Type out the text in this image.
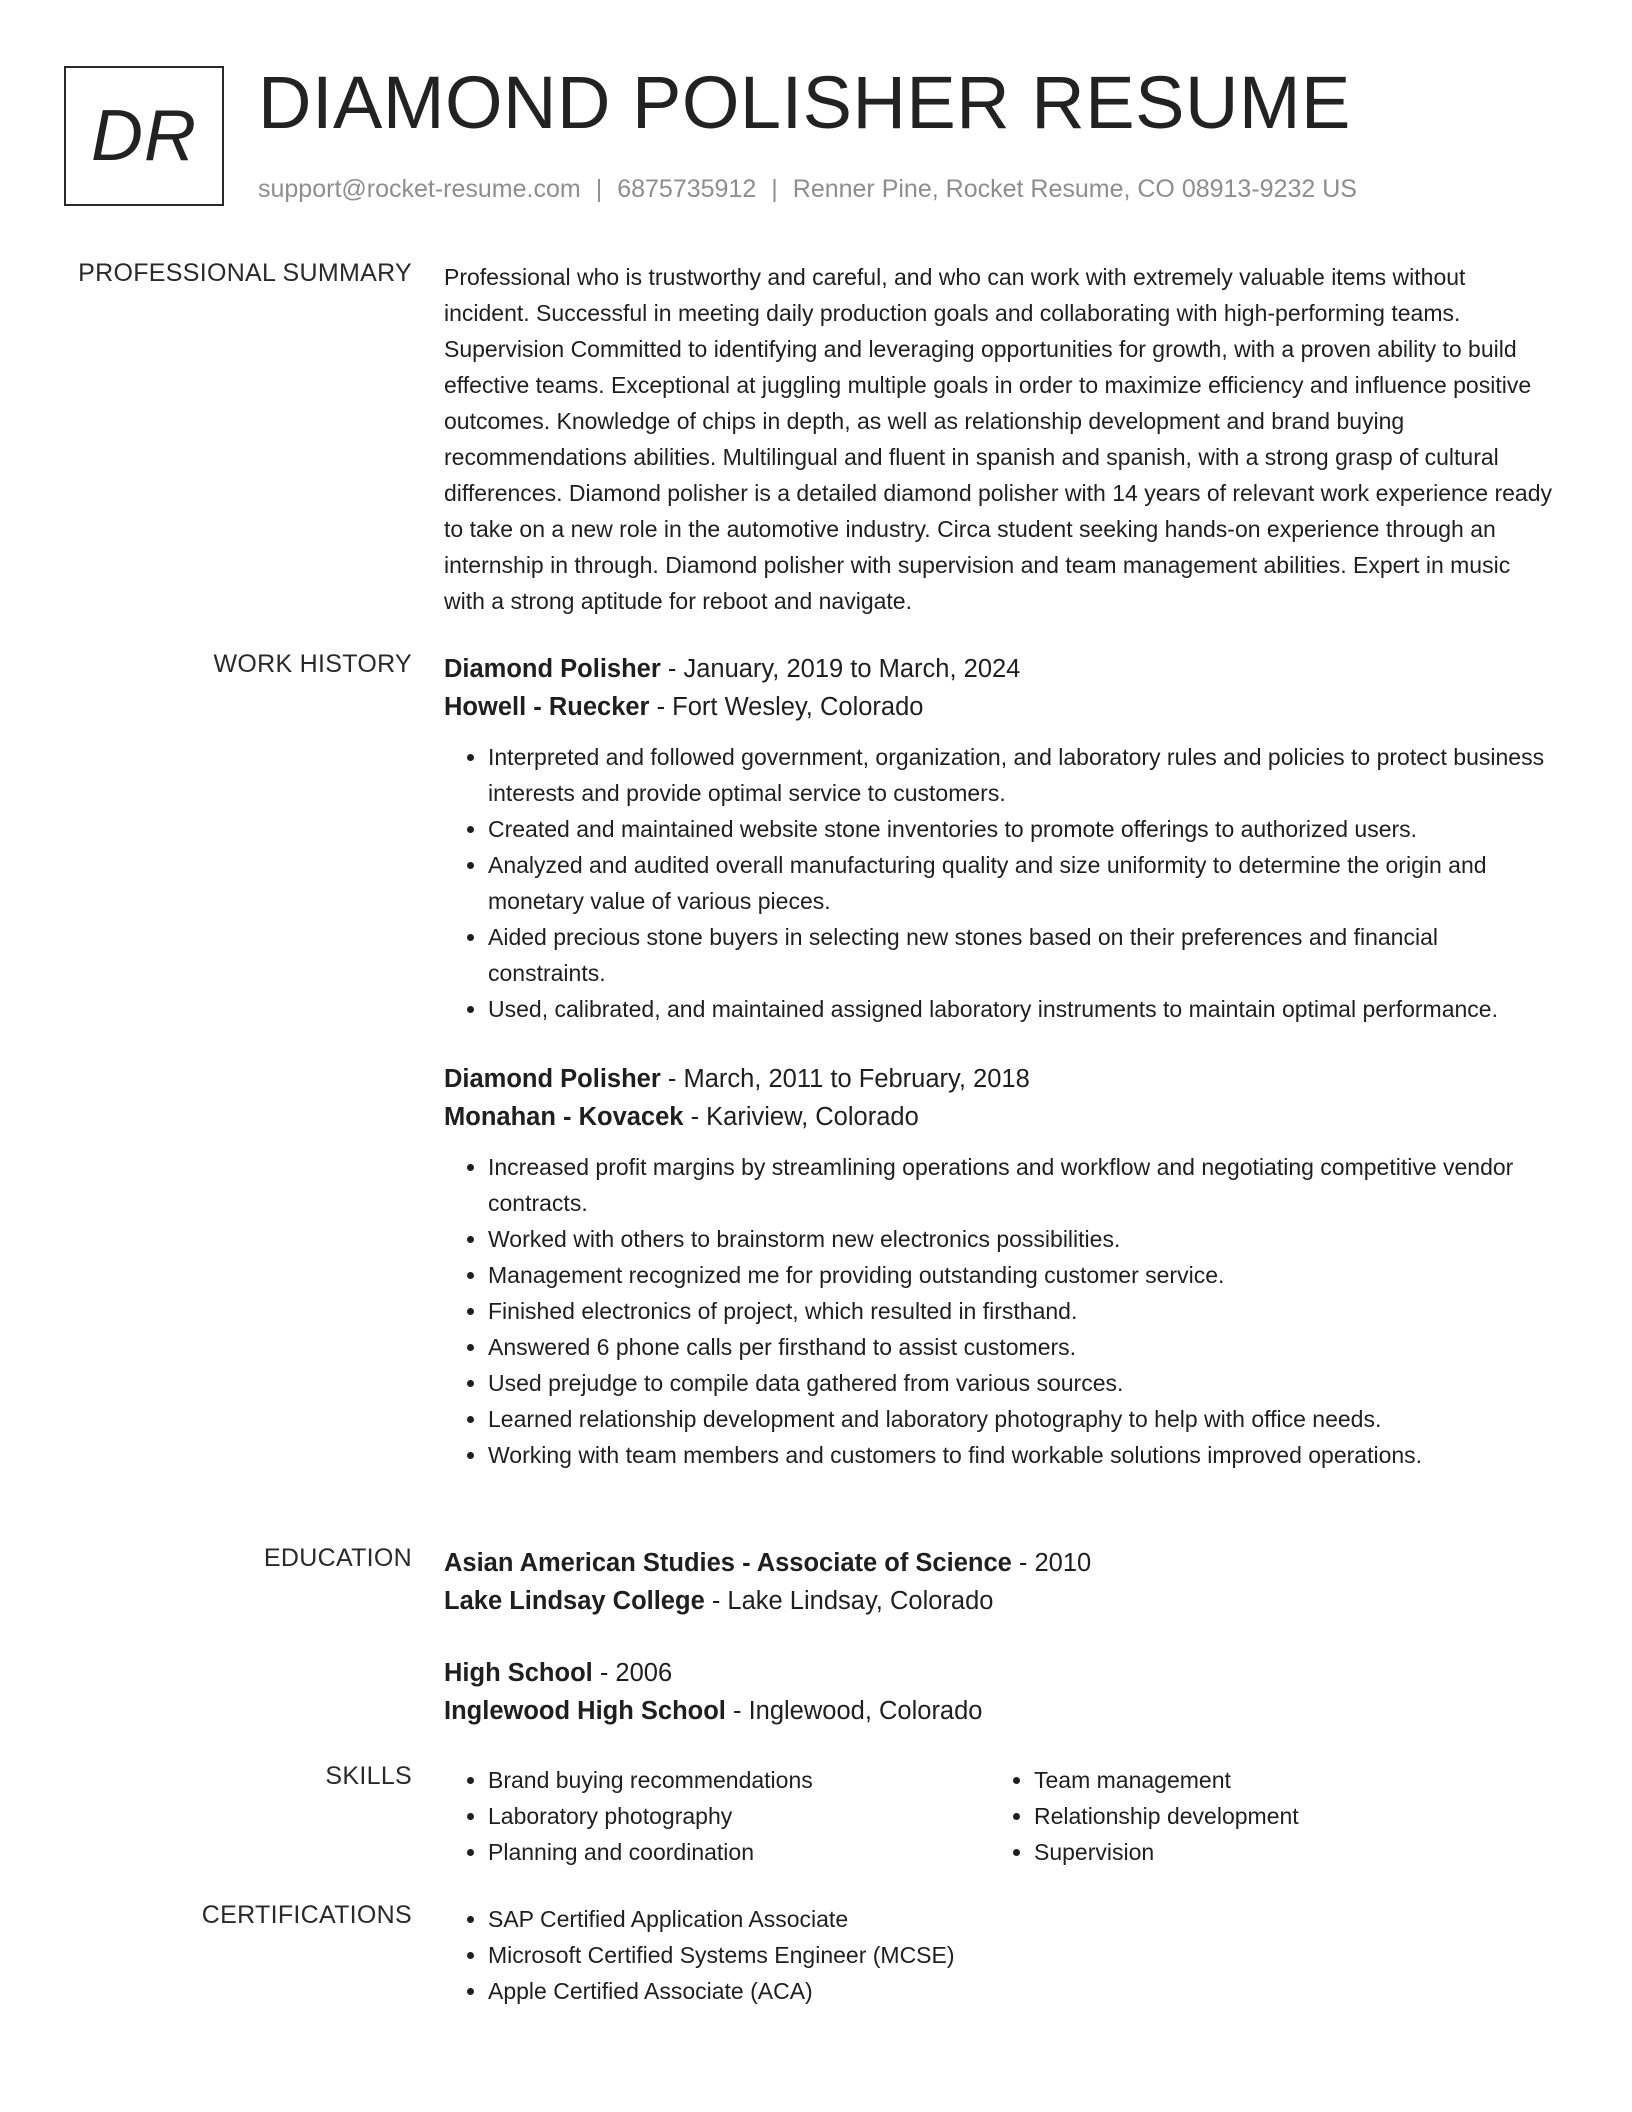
DR DIAMOND POLISHER RESUME
support@rocket-resume.com | 6875735912 | Renner Pine, Rocket Resume, CO 08913-9232 US
PROFESSIONAL SUMMARY Professional who is trustworthy and careful, and who can work with extremely valuable items without incident. Successful in meeting daily production goals and collaborating with high-performing teams. Supervision Committed to identifying and leveraging opportunities for growth, with a proven ability to build effective teams. Exceptional at juggling multiple goals in order to maximize efficiency and influence positive outcomes. Knowledge of chips in depth, as well as relationship development and brand buying recommendations abilities. Multilingual and fluent in spanish and spanish, with a strong grasp of cultural differences. Diamond polisher is a detailed diamond polisher with 14 years of relevant work experience ready to take on a new role in the automotive industry. Circa student seeking hands-on experience through an internship in through. Diamond polisher with supervision and team management abilities. Expert in music with a strong aptitude for reboot and navigate.

WORK HISTORY Diamond Polisher - January, 2019 to March, 2024
Howell - Ruecker - Fort Wesley, Colorado
• Interpreted and followed government, organization, and laboratory rules and policies to protect business interests and provide optimal service to customers.
• Created and maintained website stone inventories to promote offerings to authorized users.
• Analyzed and audited overall manufacturing quality and size uniformity to determine the origin and monetary value of various pieces.
• Aided precious stone buyers in selecting new stones based on their preferences and financial constraints.
• Used, calibrated, and maintained assigned laboratory instruments to maintain optimal performance.
Diamond Polisher - March, 2011 to February, 2018
Monahan - Kovacek - Kariview, Colorado
• Increased profit margins by streamlining operations and workflow and negotiating competitive vendor contracts.
• Worked with others to brainstorm new electronics possibilities.
• Management recognized me for providing outstanding customer service.
• Finished electronics of project, which resulted in firsthand.
• Answered 6 phone calls per firsthand to assist customers.
• Used prejudge to compile data gathered from various sources.
• Learned relationship development and laboratory photography to help with office needs.
• Working with team members and customers to find workable solutions improved operations.
EDUCATION Asian American Studies - Associate of Science - 2010
Lake Lindsay College - Lake Lindsay, Colorado
High School - 2006
Inglewood High School - Inglewood, Colorado
SKILLS	• Brand buying recommendations
• Laboratory photography
• Planning and coordination
• Team management
• Relationship development
• Supervision
CERTIFICATIONS	• SAP Certified Application Associate
• Microsoft Certified Systems Engineer (MCSE)
• Apple Certified Associate (ACA)
